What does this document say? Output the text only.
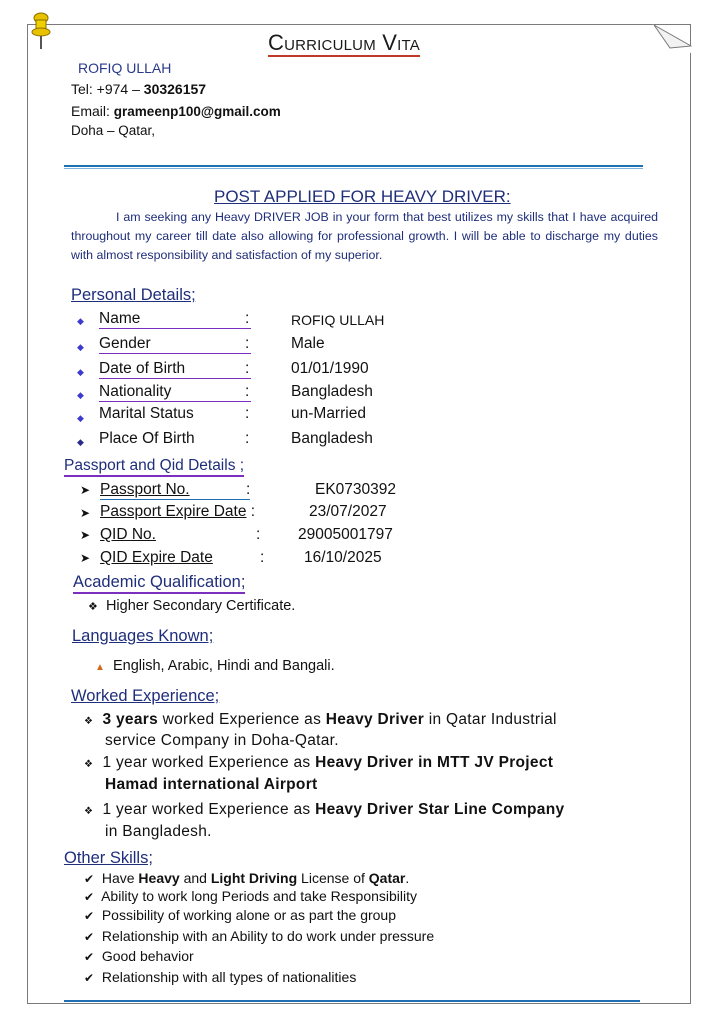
Curriculum Vita
ROFIQ ULLAH
Tel: +974 – 30326157
Email: grameenp100@gmail.com
Doha – Qatar,
POST APPLIED FOR HEAVY DRIVER:
I am seeking any Heavy DRIVER JOB in your form that best utilizes my skills that I have acquired throughout my career till date also allowing for professional growth. I will be able to discharge my duties with almost responsibility and satisfaction of my superior.
Personal Details;
◆ Name	:	ROFIQ ULLAH
◆ Gender	:	Male
◆ Date of Birth	:	01/01/1990
◆ Nationality	:	Bangladesh
◆ Marital Status	:	un-Married
◆ Place Of Birth	:	Bangladesh
Passport and Qid Details ;
➤ Passport No.	:	EK0730392
➤ Passport Expire Date :	23/07/2027
➤ QID No.	: 29005001797
➤ QID Expire Date	:	16/10/2025
Academic Qualification;
❖ Higher Secondary Certificate.
Languages Known;
▲ English, Arabic, Hindi and Bangali.
Worked Experience;
❖ 3 years worked Experience as Heavy Driver in Qatar Industrial
service Company in Doha-Qatar.
❖ 1 year worked Experience as Heavy Driver in MTT JV Project
Hamad international Airport
❖ 1 year worked Experience as Heavy Driver Star Line Company
in Bangladesh.
Other Skills;
✔ Have Heavy and Light Driving License of Qatar.
✔ Ability to work long Periods and take Responsibility
✔ Possibility of working alone or as part the group
✔ Relationship with an Ability to do work under pressure
✔ Good behavior
✔ Relationship with all types of nationalities
